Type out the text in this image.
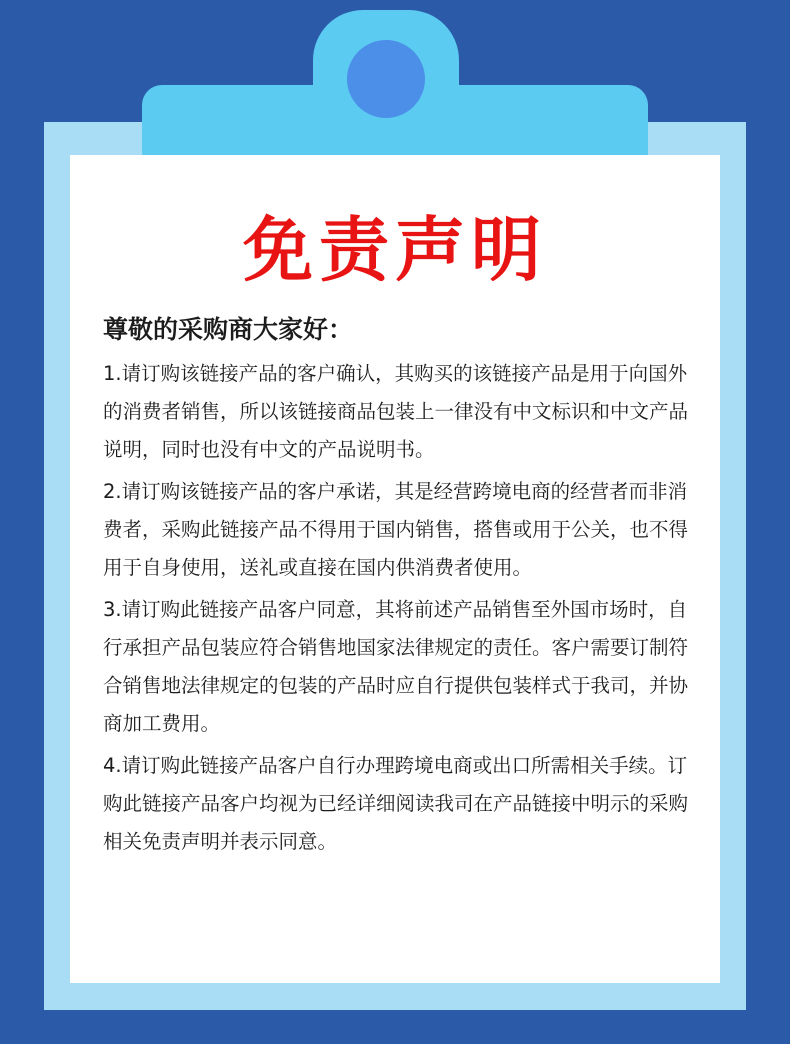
免责声明

尊敬的采购商大家好：

1.请订购该链接产品的客户确认，其购买的该链接产品是用于向国外的消费者销售，所以该链接商品包装上一律没有中文标识和中文产品说明，同时也没有中文的产品说明书。

2.请订购该链接产品的客户承诺，其是经营跨境电商的经营者而非消费者，采购此链接产品不得用于国内销售，搭售或用于公关，也不得用于自身使用，送礼或直接在国内供消费者使用。

3.请订购此链接产品客户同意，其将前述产品销售至外国市场时，自行承担产品包装应符合销售地国家法律规定的责任。客户需要订制符合销售地法律规定的包装的产品时应自行提供包装样式于我司，并协商加工费用。

4.请订购此链接产品客户自行办理跨境电商或出口所需相关手续。订购此链接产品客户均视为已经详细阅读我司在产品链接中明示的采购相关免责声明并表示同意。
